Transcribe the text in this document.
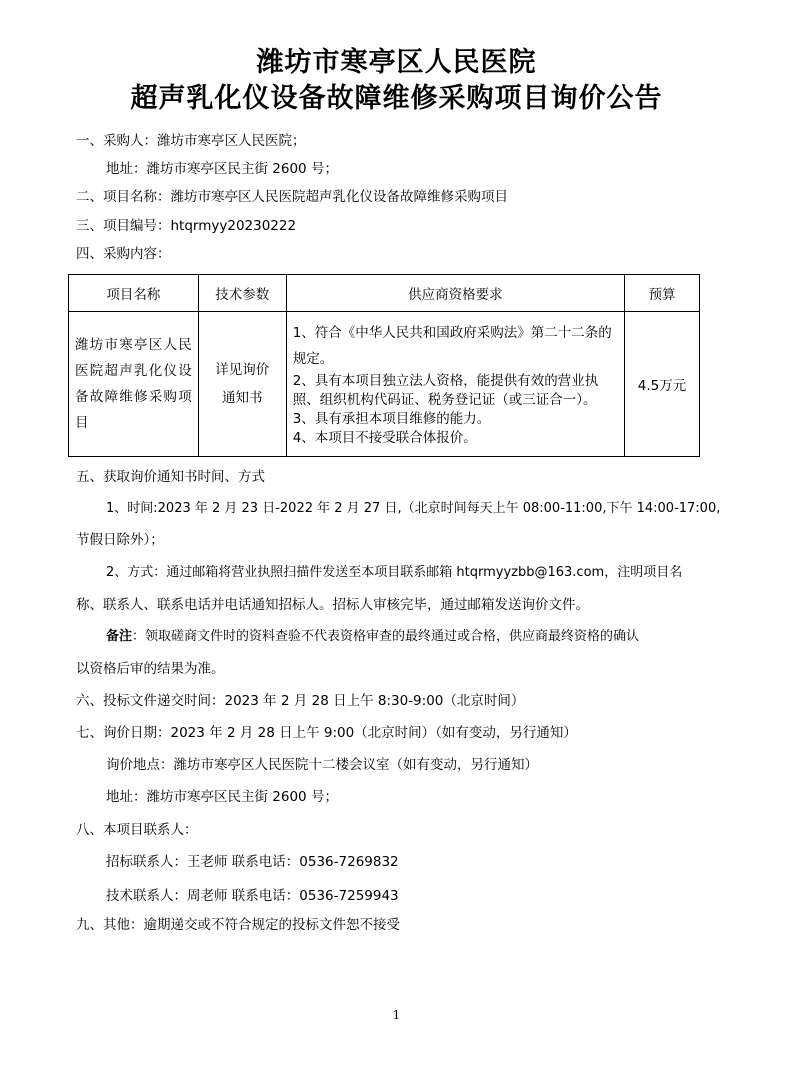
潍坊市寒亭区人民医院
超声乳化仪设备故障维修采购项目询价公告
一、采购人：潍坊市寒亭区人民医院；
地址：潍坊市寒亭区民主街 2600 号；
二、项目名称：潍坊市寒亭区人民医院超声乳化仪设备故障维修采购项目
三、项目编号：htqrmyy20230222
四、采购内容：
项目名称	技术参数	供应商资格要求	预算
潍坊市寒亭区人民医院超声乳化仪设备故障维修采购项目	详见询价通知书	1、符合《中华人民共和国政府采购法》第二十二条的规定。
2、具有本项目独立法人资格，能提供有效的营业执照、组织机构代码证、税务登记证（或三证合一）。
3、具有承担本项目维修的能力。
4、本项目不接受联合体报价。	4.5万元
五、获取询价通知书时间、方式
1、时间:2023 年 2 月 23 日-2022 年 2 月 27 日,（北京时间每天上午 08:00-11:00,下午 14:00-17:00,
节假日除外）；
2、方式：通过邮箱将营业执照扫描件发送至本项目联系邮箱 htqrmyyzbb@163.com，注明项目名
称、联系人、联系电话并电话通知招标人。招标人审核完毕，通过邮箱发送询价文件。
备注：领取磋商文件时的资料查验不代表资格审查的最终通过或合格，供应商最终资格的确认
以资格后审的结果为准。
六、投标文件递交时间：2023 年 2 月 28 日上午 8:30-9:00（北京时间）
七、询价日期：2023 年 2 月 28 日上午 9:00（北京时间）（如有变动，另行通知）
询价地点：潍坊市寒亭区人民医院十二楼会议室（如有变动，另行通知）
地址：潍坊市寒亭区民主街 2600 号；
八、本项目联系人：
招标联系人：王老师 联系电话：0536-7269832
技术联系人：周老师 联系电话：0536-7259943
九、其他：逾期递交或不符合规定的投标文件恕不接受
1
